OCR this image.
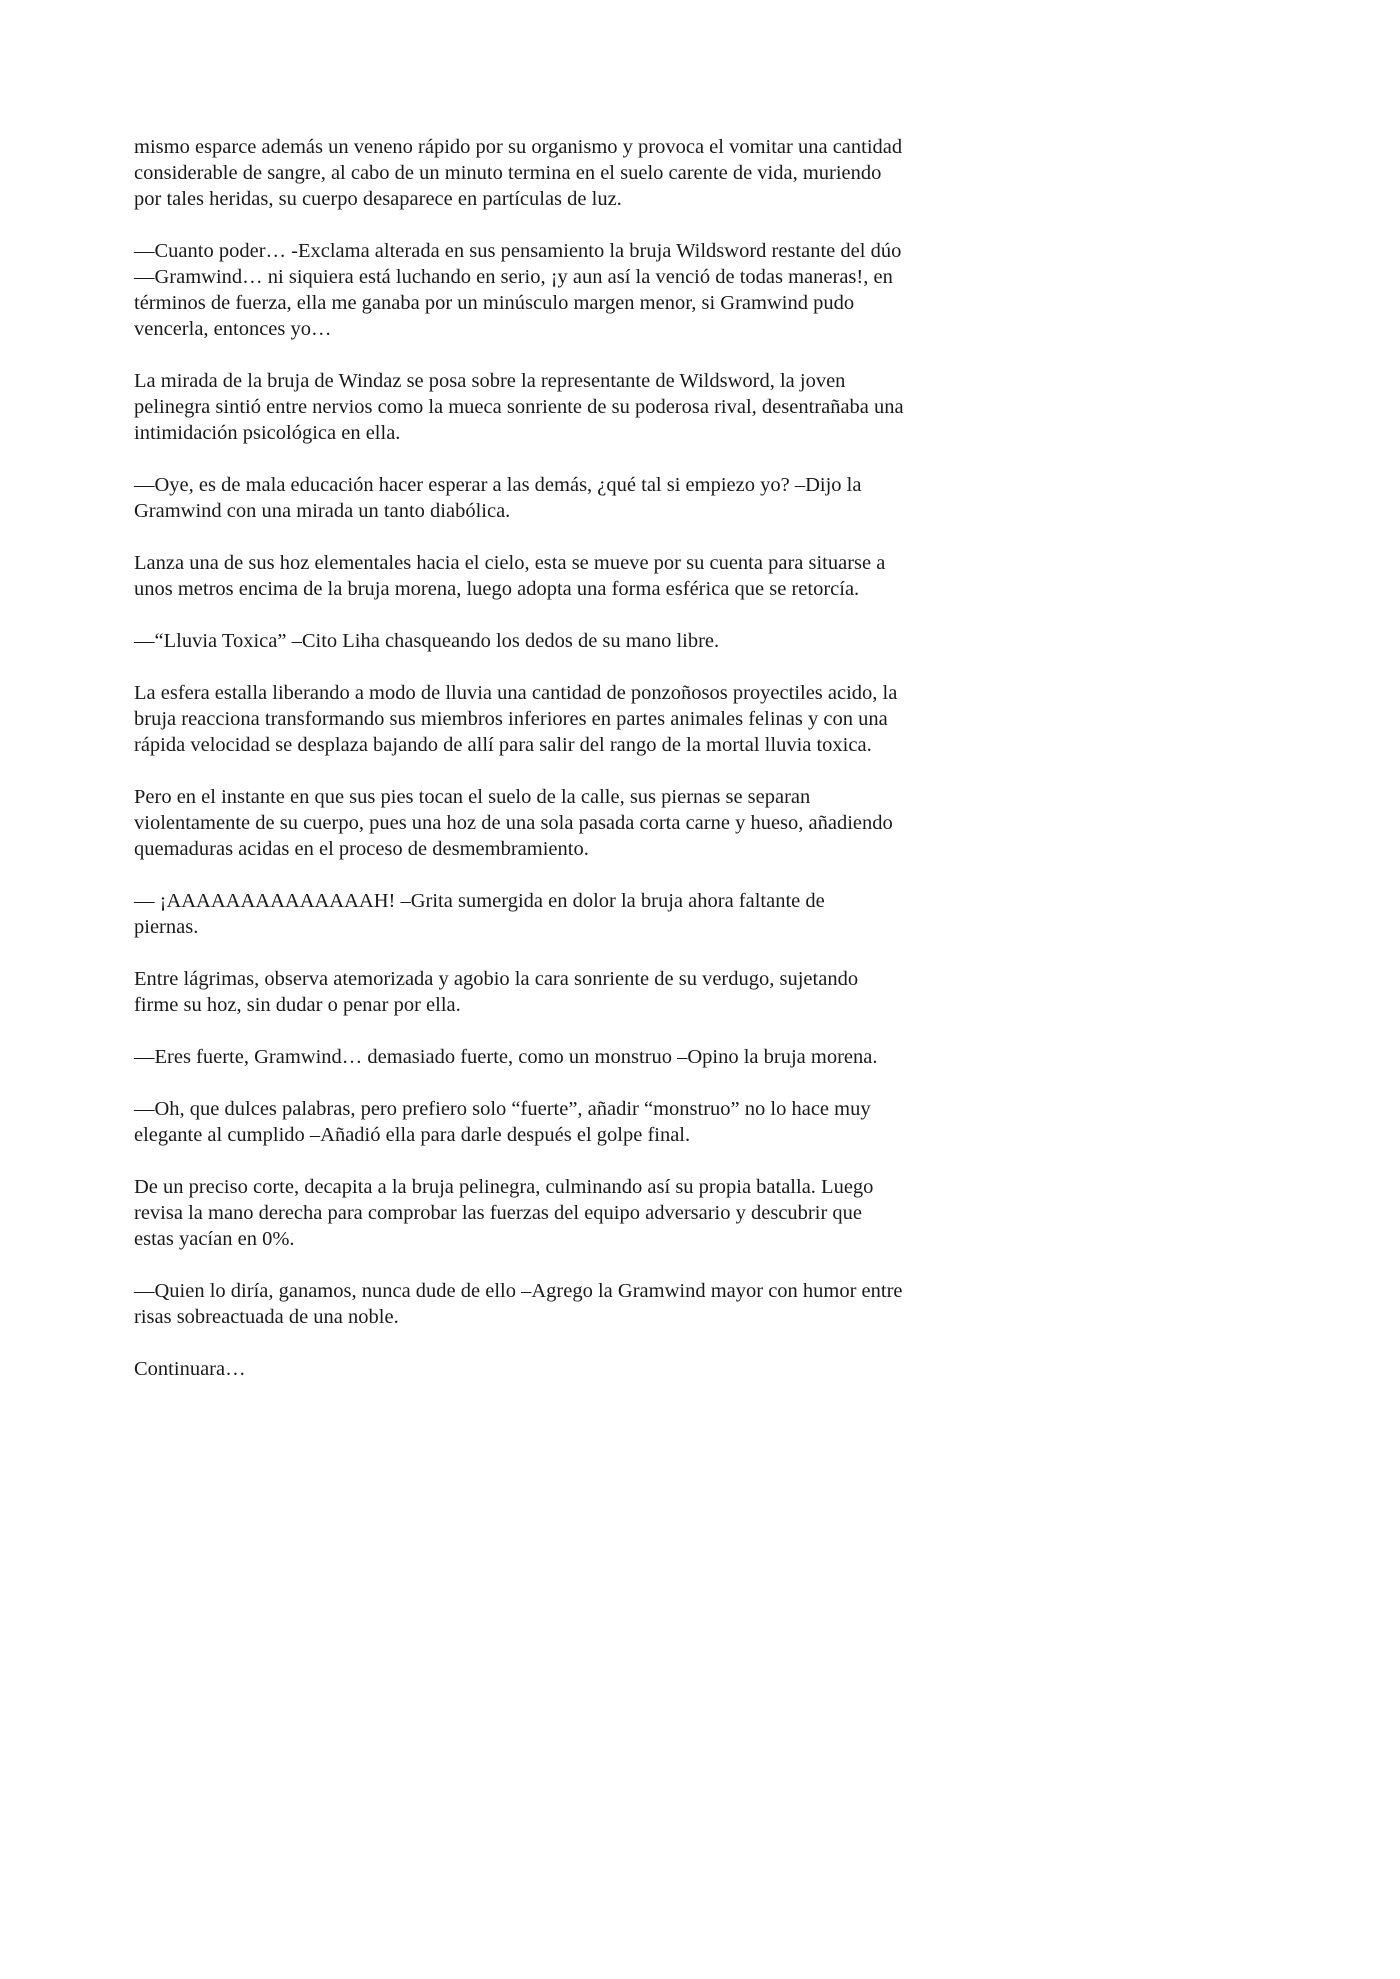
mismo esparce además un veneno rápido por su organismo y provoca el vomitar una cantidad
considerable de sangre, al cabo de un minuto termina en el suelo carente de vida, muriendo
por tales heridas, su cuerpo desaparece en partículas de luz.

—Cuanto poder… -Exclama alterada en sus pensamiento la bruja Wildsword restante del dúo
—Gramwind… ni siquiera está luchando en serio, ¡y aun así la venció de todas maneras!, en
términos de fuerza, ella me ganaba por un minúsculo margen menor, si Gramwind pudo
vencerla, entonces yo…

La mirada de la bruja de Windaz se posa sobre la representante de Wildsword, la joven
pelinegra sintió entre nervios como la mueca sonriente de su poderosa rival, desentrañaba una
intimidación psicológica en ella.

—Oye, es de mala educación hacer esperar a las demás, ¿qué tal si empiezo yo? –Dijo la
Gramwind con una mirada un tanto diabólica.

Lanza una de sus hoz elementales hacia el cielo, esta se mueve por su cuenta para situarse a
unos metros encima de la bruja morena, luego adopta una forma esférica que se retorcía.

—“Lluvia Toxica” –Cito Liha chasqueando los dedos de su mano libre.

La esfera estalla liberando a modo de lluvia una cantidad de ponzoñosos proyectiles acido, la
bruja reacciona transformando sus miembros inferiores en partes animales felinas y con una
rápida velocidad se desplaza bajando de allí para salir del rango de la mortal lluvia toxica.

Pero en el instante en que sus pies tocan el suelo de la calle, sus piernas se separan
violentamente de su cuerpo, pues una hoz de una sola pasada corta carne y hueso, añadiendo
quemaduras acidas en el proceso de desmembramiento.

— ¡AAAAAAAAAAAAAAH! –Grita sumergida en dolor la bruja ahora faltante de
piernas.

Entre lágrimas, observa atemorizada y agobio la cara sonriente de su verdugo, sujetando
firme su hoz, sin dudar o penar por ella.

—Eres fuerte, Gramwind… demasiado fuerte, como un monstruo –Opino la bruja morena.

—Oh, que dulces palabras, pero prefiero solo “fuerte”, añadir “monstruo” no lo hace muy
elegante al cumplido –Añadió ella para darle después el golpe final.

De un preciso corte, decapita a la bruja pelinegra, culminando así su propia batalla. Luego
revisa la mano derecha para comprobar las fuerzas del equipo adversario y descubrir que
estas yacían en 0%.

—Quien lo diría, ganamos, nunca dude de ello –Agrego la Gramwind mayor con humor entre
risas sobreactuada de una noble.

Continuara…
